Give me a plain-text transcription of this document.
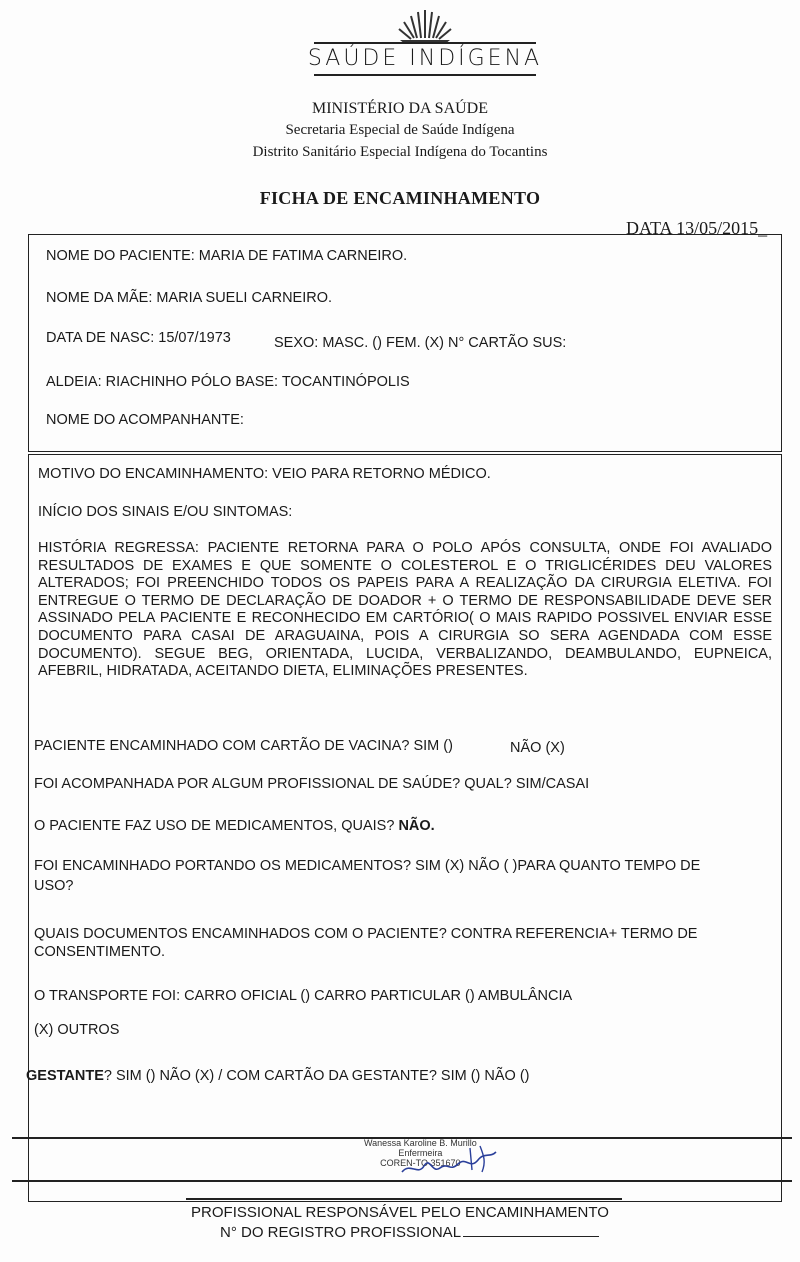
SAÚDE INDÍGENA
MINISTÉRIO DA SAÚDE
Secretaria Especial de Saúde Indígena
Distrito Sanitário Especial Indígena do Tocantins
FICHA DE ENCAMINHAMENTO
DATA 13/05/2015_
NOME DO PACIENTE: MARIA DE FATIMA CARNEIRO.
NOME DA MÃE: MARIA SUELI CARNEIRO.
DATA DE NASC: 15/07/1973	SEXO: MASC. () FEM. (X) N° CARTÃO SUS:
ALDEIA: RIACHINHO PÓLO BASE: TOCANTINÓPOLIS
NOME DO ACOMPANHANTE:
MOTIVO DO ENCAMINHAMENTO: VEIO PARA RETORNO MÉDICO.
INÍCIO DOS SINAIS E/OU SINTOMAS:
HISTÓRIA REGRESSA: PACIENTE RETORNA PARA O POLO APÓS CONSULTA, ONDE FOI AVALIADO RESULTADOS DE EXAMES E QUE SOMENTE O COLESTEROL E O TRIGLICÉRIDES DEU VALORES ALTERADOS; FOI PREENCHIDO TODOS OS PAPEIS PARA A REALIZAÇÃO DA CIRURGIA ELETIVA. FOI ENTREGUE O TERMO DE DECLARAÇÃO DE DOADOR + O TERMO DE RESPONSABILIDADE DEVE SER ASSINADO PELA PACIENTE E RECONHECIDO EM CARTÓRIO( O MAIS RAPIDO POSSIVEL ENVIAR ESSE DOCUMENTO PARA CASAI DE ARAGUAINA, POIS A CIRURGIA SO SERA AGENDADA COM ESSE DOCUMENTO). SEGUE BEG, ORIENTADA, LUCIDA, VERBALIZANDO, DEAMBULANDO, EUPNEICA, AFEBRIL, HIDRATADA, ACEITANDO DIETA, ELIMINAÇÕES PRESENTES.
PACIENTE ENCAMINHADO COM CARTÃO DE VACINA? SIM ()	NÃO (X)
FOI ACOMPANHADA POR ALGUM PROFISSIONAL DE SAÚDE? QUAL? SIM/CASAI
O PACIENTE FAZ USO DE MEDICAMENTOS, QUAIS? NÃO.
FOI ENCAMINHADO PORTANDO OS MEDICAMENTOS? SIM (X) NÃO ( )PARA QUANTO TEMPO DE
USO?
QUAIS DOCUMENTOS ENCAMINHADOS COM O PACIENTE? CONTRA REFERENCIA+ TERMO DE
CONSENTIMENTO.
O TRANSPORTE FOI: CARRO OFICIAL () CARRO PARTICULAR () AMBULÂNCIA
(X) OUTROS
GESTANTE? SIM () NÃO (X) / COM CARTÃO DA GESTANTE? SIM () NÃO ()
Wanessa Karoline B. Murillo
Enfermeira
COREN-TO 351670
PROFISSIONAL RESPONSÁVEL PELO ENCAMINHAMENTO
N° DO REGISTRO PROFISSIONAL
